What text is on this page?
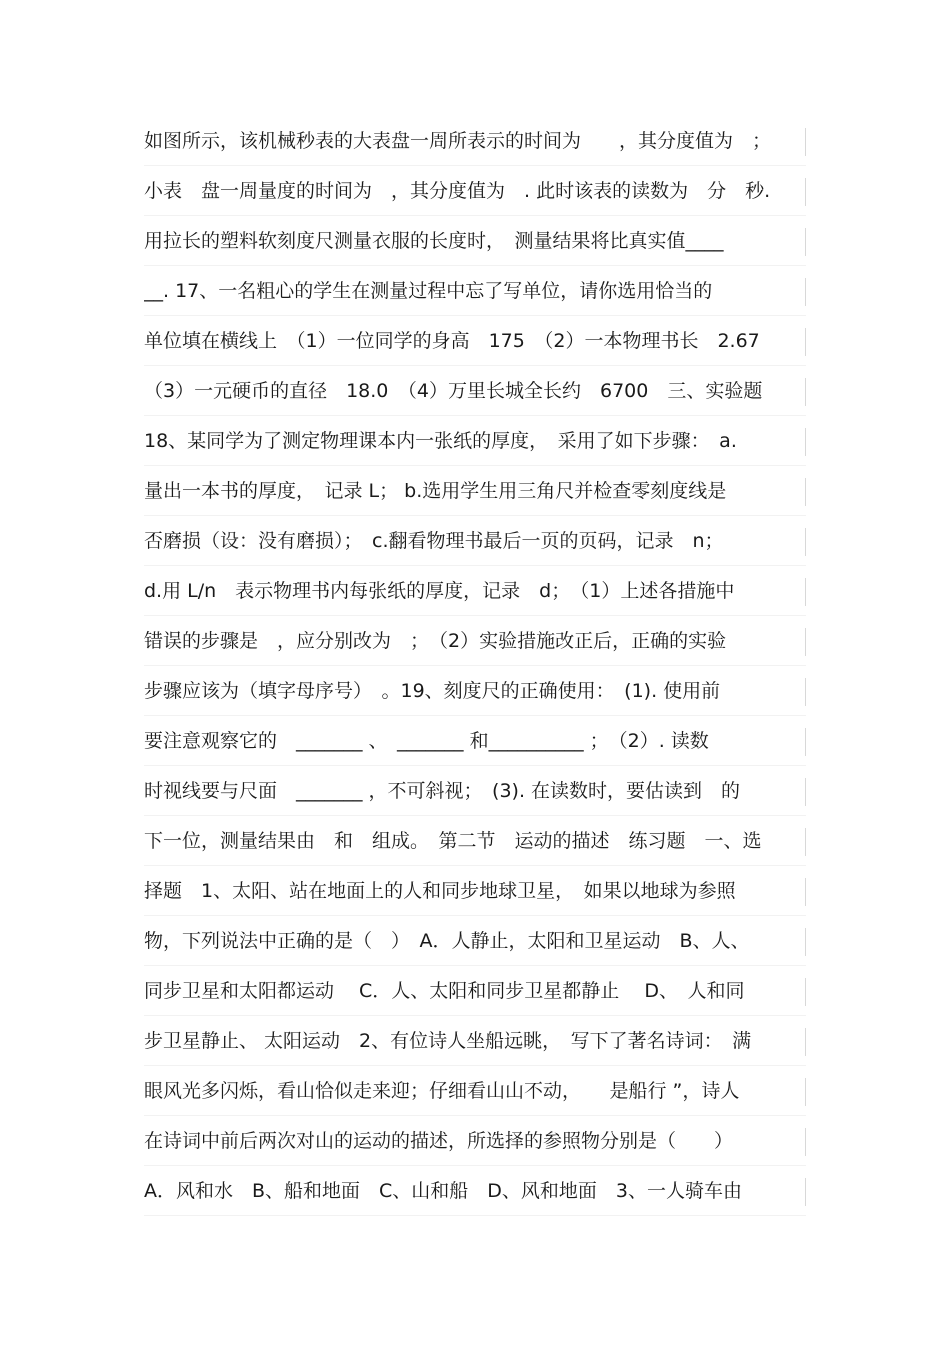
如图所示，该机械秒表的大表盘一周所表示的时间为　　，其分度值为　；
小表　盘一周量度的时间为　，其分度值为　. 此时该表的读数为　分　秒.
用拉长的塑料软刻度尺测量衣服的长度时，　测量结果将比真实值____
__. 17、一名粗心的学生在测量过程中忘了写单位，请你选用恰当的
单位填在横线上　（1）一位同学的身高　175　（2）一本物理书长　2.67
（3）一元硬币的直径　18.0　（4）万里长城全长约　6700　三、实验题
18、某同学为了测定物理课本内一张纸的厚度，　采用了如下步骤：　a.
量出一本书的厚度，　记录 L； b.选用学生用三角尺并检查零刻度线是
否磨损（设：没有磨损）；　c.翻看物理书最后一页的页码，记录　n；
d.用 L/n　表示物理书内每张纸的厚度，记录　d；　（1）上述各措施中
错误的步骤是　，应分别改为　；　（2）实验措施改正后，正确的实验
步骤应该为（填字母序号）　。19、刻度尺的正确使用：　(1). 使用前
要注意观察它的　_______ 、　_______ 和__________ ；　（2）. 读数
时视线要与尺面　_______ ，不可斜视；　(3). 在读数时，要估读到　的
下一位，测量结果由　和　组成。　第二节　运动的描述　练习题　一、选
择题　1、太阳、站在地面上的人和同步地球卫星，　如果以地球为参照
物，下列说法中正确的是（　）　A．人静止，太阳和卫星运动　B、人、
同步卫星和太阳都运动　 C．人、太阳和同步卫星都静止　 D、　人和同
步卫星静止、 太阳运动　2、有位诗人坐船远眺，　写下了著名诗词：　满
眼风光多闪烁，看山恰似走来迎；仔细看山山不动，　　是船行 ”，诗人
在诗词中前后两次对山的运动的描述，所选择的参照物分别是（　　）
A．风和水　B、船和地面　C、山和船　D、风和地面　3、一人骑车由
